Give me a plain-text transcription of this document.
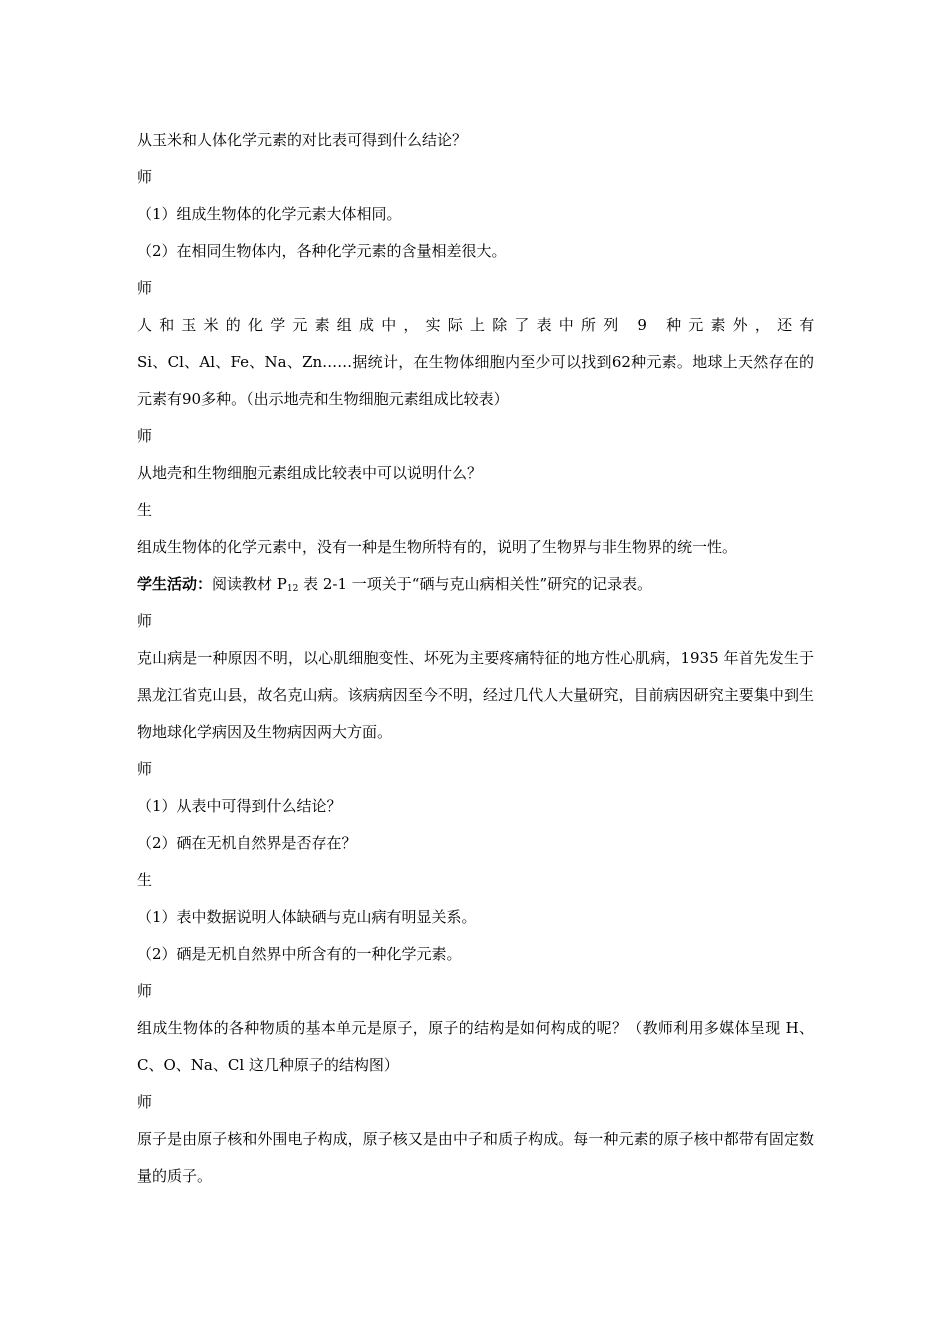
从玉米和人体化学元素的对比表可得到什么结论？

师

（1）组成生物体的化学元素大体相同。

（2）在相同生物体内，各种化学元素的含量相差很大。

师

人和玉米的化学元素组成中，实际上除了表中所列 9 种元素外，还有

Si、Cl、Al、Fe、Na、Zn……据统计，在生物体细胞内至少可以找到62种元素。地球上天然存在的元素有90多种。（出示地壳和生物细胞元素组成比较表）

师

从地壳和生物细胞元素组成比较表中可以说明什么？

生

组成生物体的化学元素中，没有一种是生物所特有的，说明了生物界与非生物界的统一性。

学生活动：阅读教材 $P_{12}$ 表 2-1 一项关于“硒与克山病相关性”研究的记录表。

师

克山病是一种原因不明，以心肌细胞变性、坏死为主要疼痛特征的地方性心肌病，1935 年首先发生于黑龙江省克山县，故名克山病。该病病因至今不明，经过几代人大量研究，目前病因研究主要集中到生物地球化学病因及生物病因两大方面。

师

（1）从表中可得到什么结论？

（2）硒在无机自然界是否存在？

生

（1）表中数据说明人体缺硒与克山病有明显关系。

（2）硒是无机自然界中所含有的一种化学元素。

师

组成生物体的各种物质的基本单元是原子，原子的结构是如何构成的呢？（教师利用多媒体呈现 H、C、O、Na、Cl 这几种原子的结构图）

师

原子是由原子核和外围电子构成，原子核又是由中子和质子构成。每一种元素的原子核中都带有固定数量的质子。
